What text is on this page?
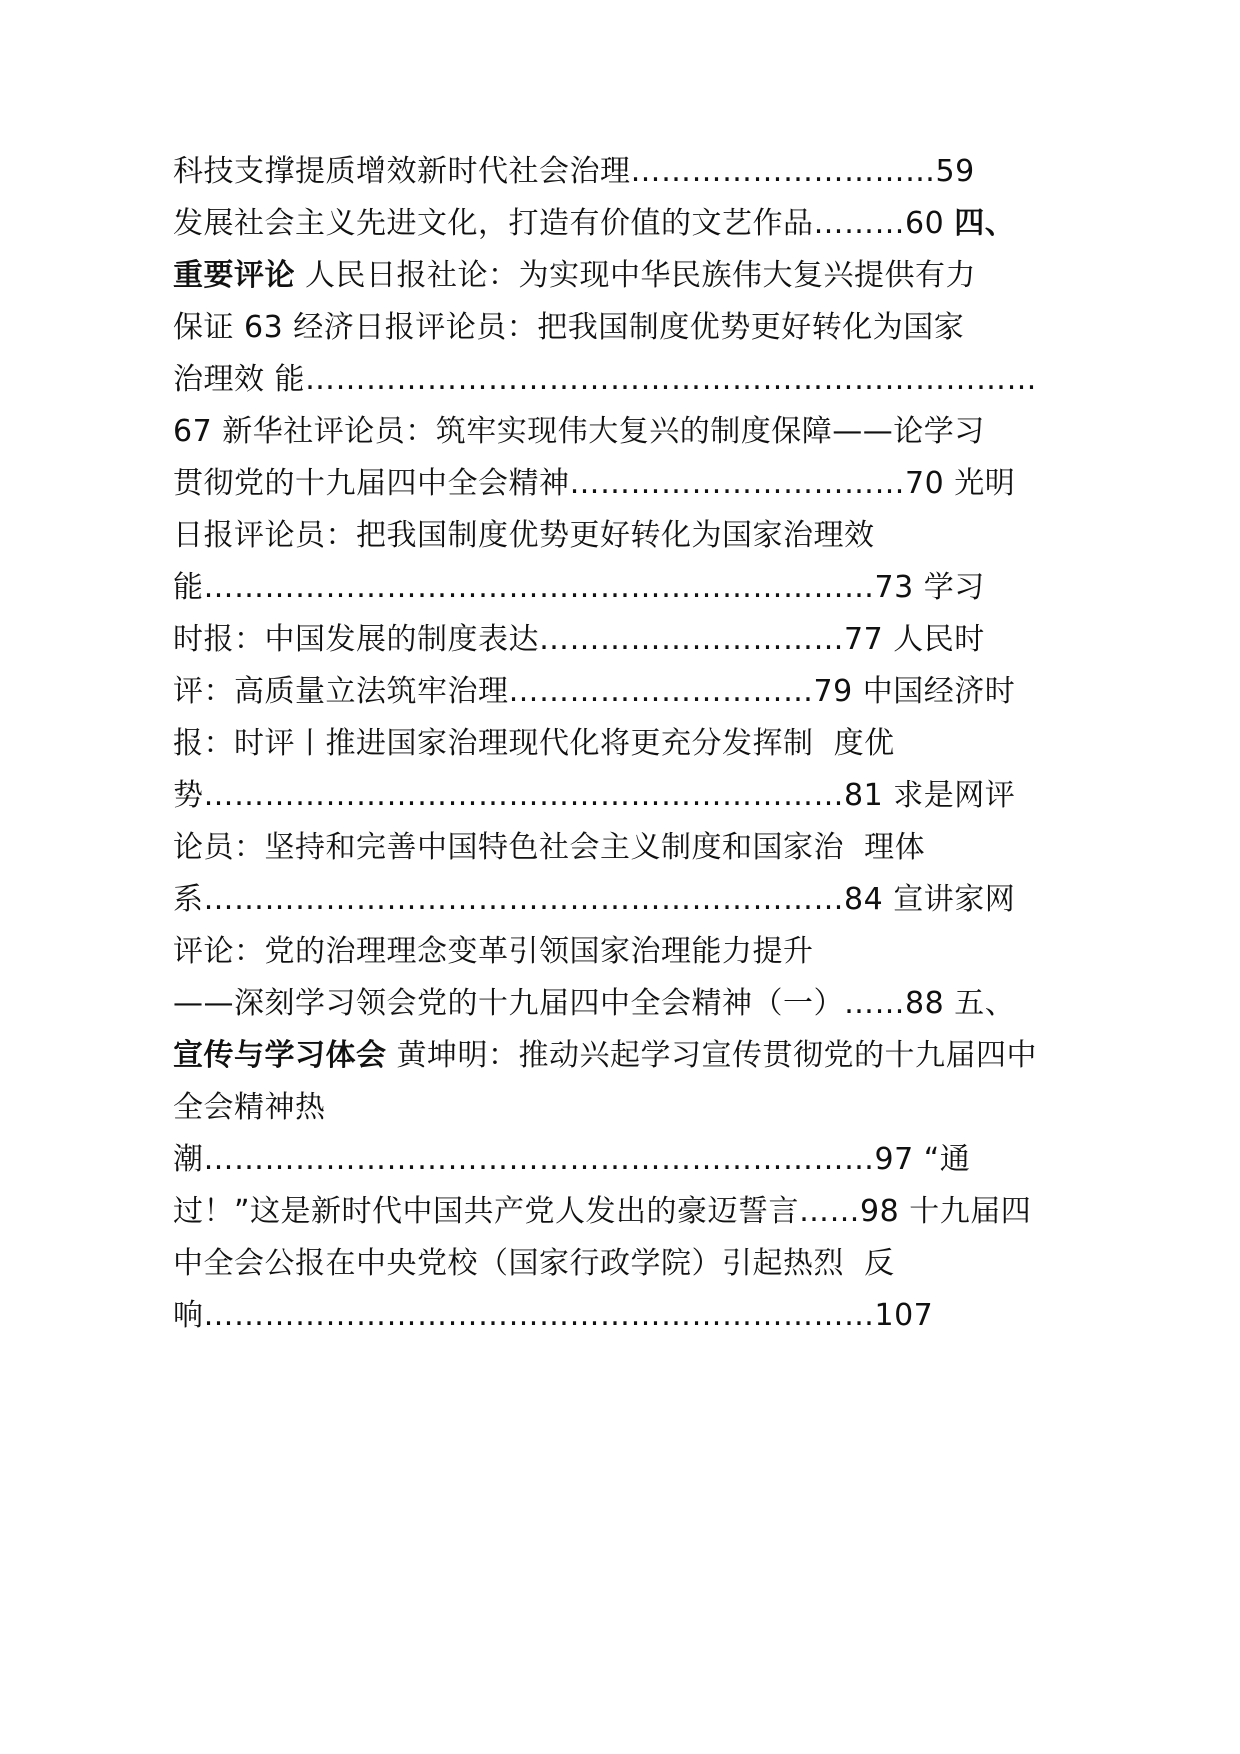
科技支撑提质增效新时代社会治理…………………………59
发展社会主义先进文化，打造有价值的文艺作品………60 四、
重要评论 人民日报社论：为实现中华民族伟大复兴提供有力
保证 63 经济日报评论员：把我国制度优势更好转化为国家
治理效 能………………………………………………………………
67 新华社评论员：筑牢实现伟大复兴的制度保障——论学习
贯彻党的十九届四中全会精神……………………………70 光明
日报评论员：把我国制度优势更好转化为国家治理效
能…………………………………………………………73 学习
时报：中国发展的制度表达…………………………77 人民时
评：高质量立法筑牢治理…………………………79 中国经济时
报：时评丨推进国家治理现代化将更充分发挥制  度优
势………………………………………………………81 求是网评
论员：坚持和完善中国特色社会主义制度和国家治  理体
系………………………………………………………84 宣讲家网
评论：党的治理理念变革引领国家治理能力提升
——深刻学习领会党的十九届四中全会精神（一）……88 五、
宣传与学习体会 黄坤明：推动兴起学习宣传贯彻党的十九届四中
全会精神热
潮…………………………………………………………97 “通
过！”这是新时代中国共产党人发出的豪迈誓言……98 十九届四
中全会公报在中央党校（国家行政学院）引起热烈  反
响…………………………………………………………107
